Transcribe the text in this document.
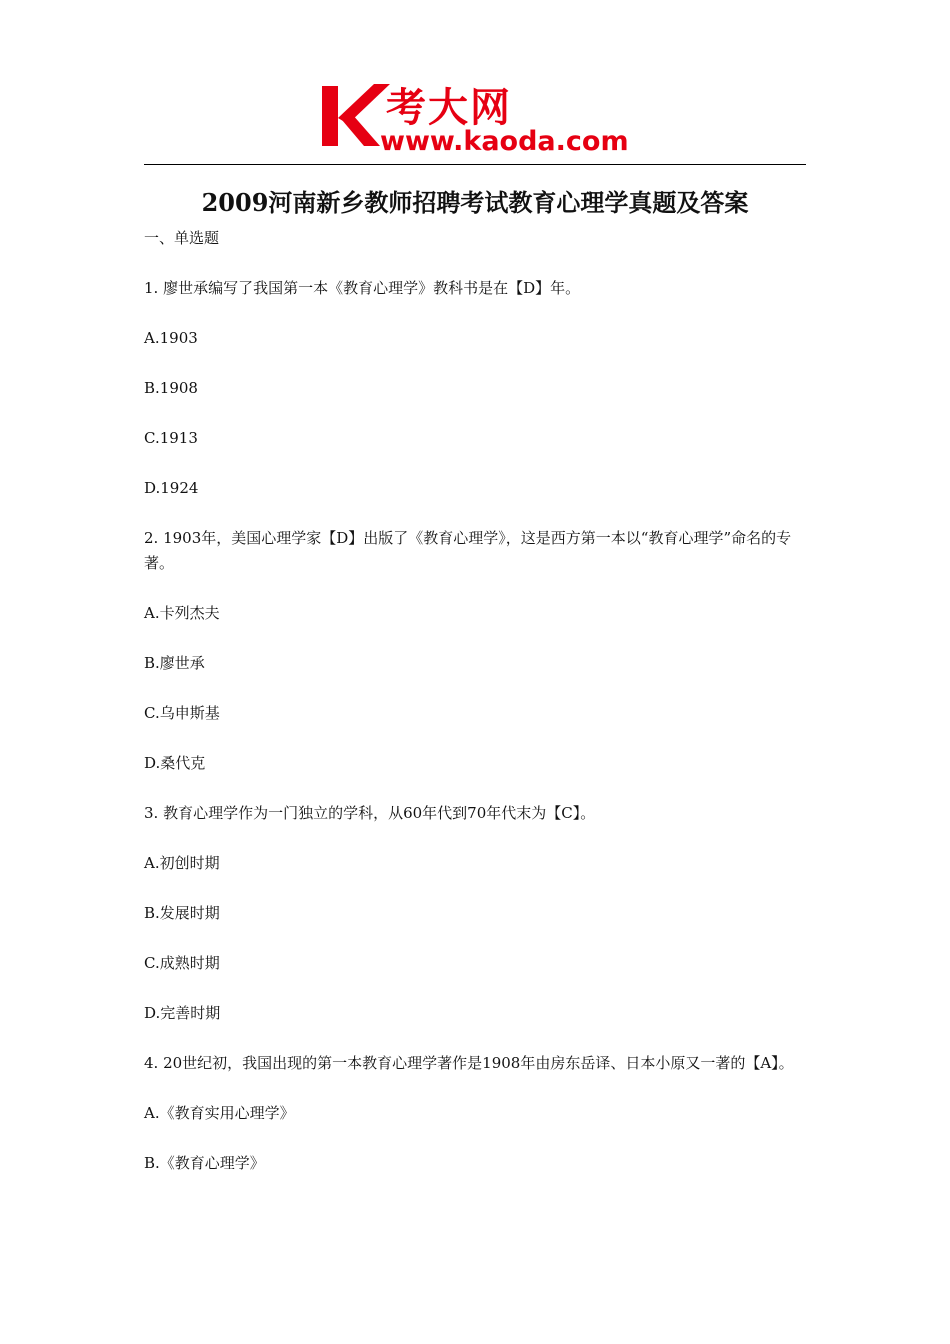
考大网
www.kaoda.com
2009河南新乡教师招聘考试教育心理学真题及答案

一、单选题

1. 廖世承编写了我国第一本《教育心理学》教科书是在【D】年。

A.1903

B.1908

C.1913

D.1924

2. 1903年，美国心理学家【D】出版了《教育心理学》，这是西方第一本以“教育心理学”命名的专著。

A.卡列杰夫

B.廖世承

C.乌申斯基

D.桑代克

3. 教育心理学作为一门独立的学科，从60年代到70年代末为【C】。

A.初创时期

B.发展时期

C.成熟时期

D.完善时期

4. 20世纪初，我国出现的第一本教育心理学著作是1908年由房东岳译、日本小原又一著的【A】。

A.《教育实用心理学》

B.《教育心理学》
